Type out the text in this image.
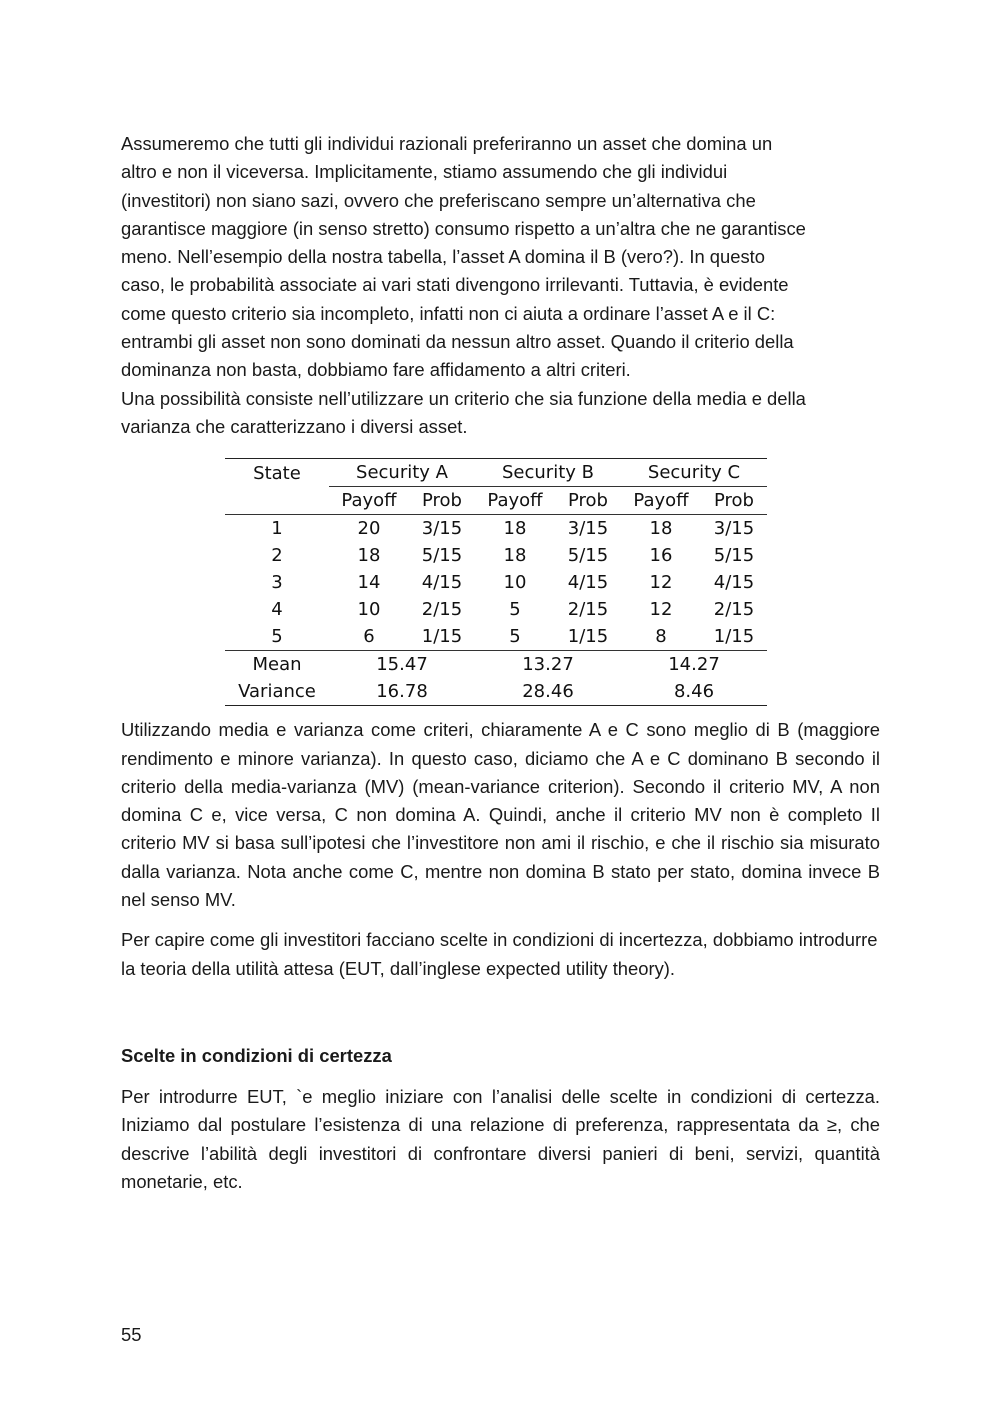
Assumeremo che tutti gli individui razionali preferiranno un asset che domina un
altro e non il viceversa. Implicitamente, stiamo assumendo che gli individui
(investitori) non siano sazi, ovvero che preferiscano sempre un’alternativa che
garantisce maggiore (in senso stretto) consumo rispetto a un’altra che ne garantisce
meno. Nell’esempio della nostra tabella, l’asset A domina il B (vero?). In questo
caso, le probabilità associate ai vari stati divengono irrilevanti. Tuttavia, è evidente
come questo criterio sia incompleto, infatti non ci aiuta a ordinare l’asset A e il C:
entrambi gli asset non sono dominati da nessun altro asset. Quando il criterio della
dominanza non basta, dobbiamo fare affidamento a altri criteri.
Una possibilità consiste nell’utilizzare un criterio che sia funzione della media e della
varianza che caratterizzano i diversi asset.

State	Security A		Security B		Security C	
	Payoff	Prob	Payoff	Prob	Payoff	Prob
1	20	3/15	18	3/15	18	3/15
2	18	5/15	18	5/15	16	5/15
3	14	4/15	10	4/15	12	4/15
4	10	2/15	5	2/15	12	2/15
5	6	1/15	5	1/15	8	1/15
Mean	15.47		13.27		14.27	
Variance	16.78		28.46		8.46	

Utilizzando media e varianza come criteri, chiaramente A e C sono meglio di B (maggiore rendimento e minore varianza). In questo caso, diciamo che A e C dominano B secondo il criterio della media-varianza (MV) (mean-variance criterion). Secondo il criterio MV, A non domina C e, vice versa, C non domina A. Quindi, anche il criterio MV non è completo Il criterio MV si basa sull’ipotesi che l’investitore non ami il rischio, e che il rischio sia misurato dalla varianza. Nota anche come C, mentre non domina B stato per stato, domina invece B nel senso MV.

Per capire come gli investitori facciano scelte in condizioni di incertezza, dobbiamo introdurre la teoria della utilità attesa (EUT, dall’inglese expected utility theory).

Scelte in condizioni di certezza

Per introdurre EUT, `e meglio iniziare con l’analisi delle scelte in condizioni di certezza. Iniziamo dal postulare l’esistenza di una relazione di preferenza, rappresentata da ≥, che descrive l’abilità degli investitori di confrontare diversi panieri di beni, servizi, quantità monetarie, etc.

55
